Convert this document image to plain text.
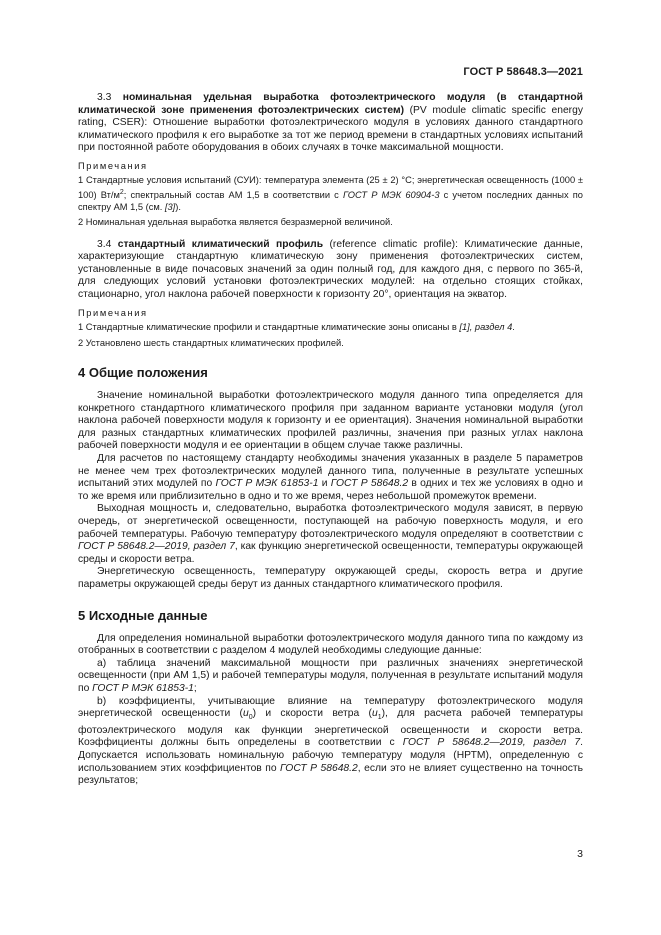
ГОСТ Р 58648.3—2021

3.3 номинальная удельная выработка фотоэлектрического модуля (в стандартной климатической зоне применения фотоэлектрических систем) (PV module climatic specific energy rating, CSER): Отношение выработки фотоэлектрического модуля в условиях данного стандартного климатического профиля к его выработке за тот же период времени в стандартных условиях испытаний при постоянной работе оборудования в обоих случаях в точке максимальной мощности.

Примечания

1 Стандартные условия испытаний (СУИ): температура элемента (25 ± 2) °С; энергетическая освещенность (1000 ± 100) $Вт/м^2$; спектральный состав АМ 1,5 в соответствии с ГОСТ Р МЭК 60904-3 с учетом последних данных по спектру АМ 1,5 (см. [3]).

2 Номинальная удельная выработка является безразмерной величиной.

3.4 стандартный климатический профиль (reference climatic profile): Климатические данные, характеризующие стандартную климатическую зону применения фотоэлектрических систем, установленные в виде почасовых значений за один полный год, для каждого дня, с первого по 365-й, для следующих условий установки фотоэлектрических модулей: на отдельно стоящих стойках, стационарно, угол наклона рабочей поверхности к горизонту 20°, ориентация на экватор.

Примечания

1 Стандартные климатические профили и стандартные климатические зоны описаны в [1], раздел 4.

2 Установлено шесть стандартных климатических профилей.

4 Общие положения

Значение номинальной выработки фотоэлектрического модуля данного типа определяется для конкретного стандартного климатического профиля при заданном варианте установки модуля (угол наклона рабочей поверхности модуля к горизонту и ее ориентация). Значения номинальной выработки для разных стандартных климатических профилей различны, значения при разных углах наклона рабочей поверхности модуля и ее ориентации в общем случае также различны.

Для расчетов по настоящему стандарту необходимы значения указанных в разделе 5 параметров не менее чем трех фотоэлектрических модулей данного типа, полученные в результате успешных испытаний этих модулей по ГОСТ Р МЭК 61853-1 и ГОСТ Р 58648.2 в одних и тех же условиях в одно и то же время или приблизительно в одно и то же время, через небольшой промежуток времени.

Выходная мощность и, следовательно, выработка фотоэлектрического модуля зависят, в первую очередь, от энергетической освещенности, поступающей на рабочую поверхность модуля, и его рабочей температуры. Рабочую температуру фотоэлектрического модуля определяют в соответствии с ГОСТ Р 58648.2—2019, раздел 7, как функцию энергетической освещенности, температуры окружающей среды и скорости ветра.

Энергетическую освещенность, температуру окружающей среды, скорость ветра и другие параметры окружающей среды берут из данных стандартного климатического профиля.

5 Исходные данные

Для определения номинальной выработки фотоэлектрического модуля данного типа по каждому из отобранных в соответствии с разделом 4 модулей необходимы следующие данные:

а) таблица значений максимальной мощности при различных значениях энергетической освещенности (при АМ 1,5) и рабочей температуры модуля, полученная в результате испытаний модуля по ГОСТ Р МЭК 61853-1;

b) коэффициенты, учитывающие влияние на температуру фотоэлектрического модуля энергетической освещенности $(u_0)$ и скорости ветра $(u_1)$, для расчета рабочей температуры фотоэлектрического модуля как функции энергетической освещенности и скорости ветра. Коэффициенты должны быть определены в соответствии с ГОСТ Р 58648.2—2019, раздел 7. Допускается использовать номинальную рабочую температуру модуля (НРТМ), определенную с использованием этих коэффициентов по ГОСТ Р 58648.2, если это не влияет существенно на точность результатов;

3
